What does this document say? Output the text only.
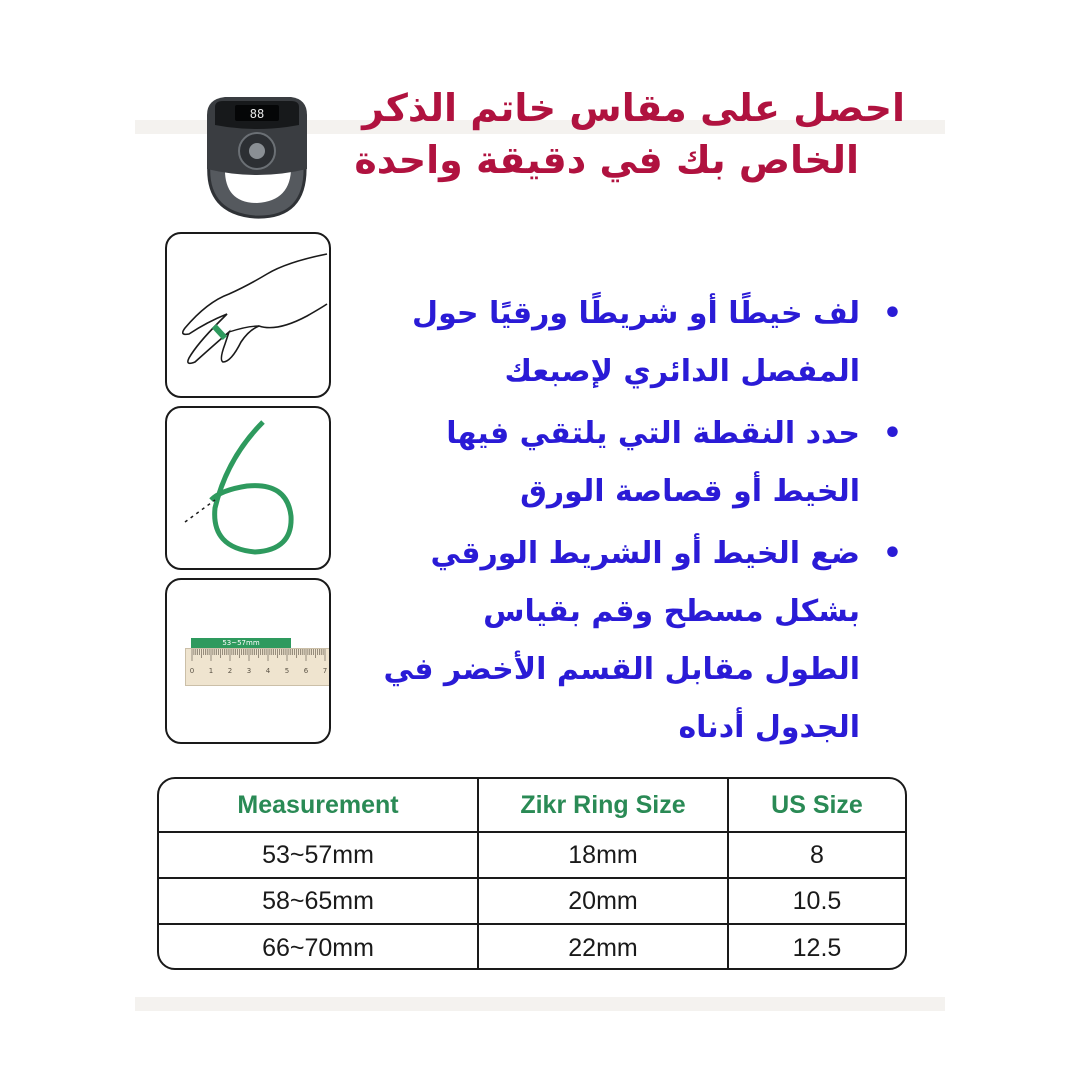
88	احصل على مقاس خاتم الذكر
الخاص بك في دقيقة واحدة
53~57mm
0 1 2 3 4 5 6 7
•
لف خيطًا أو شريطًا ورقيًا حول المفصل الدائري لإصبعك
•
حدد النقطة التي يلتقي فيها الخيط أو قصاصة الورق
•
ضع الخيط أو الشريط الورقي بشكل مسطح وقم بقياس الطول مقابل القسم الأخضر في الجدول أدناه
Measurement	Zikr Ring Size	US Size
53~57mm	18mm	8
58~65mm	20mm	10.5
66~70mm	22mm	12.5
